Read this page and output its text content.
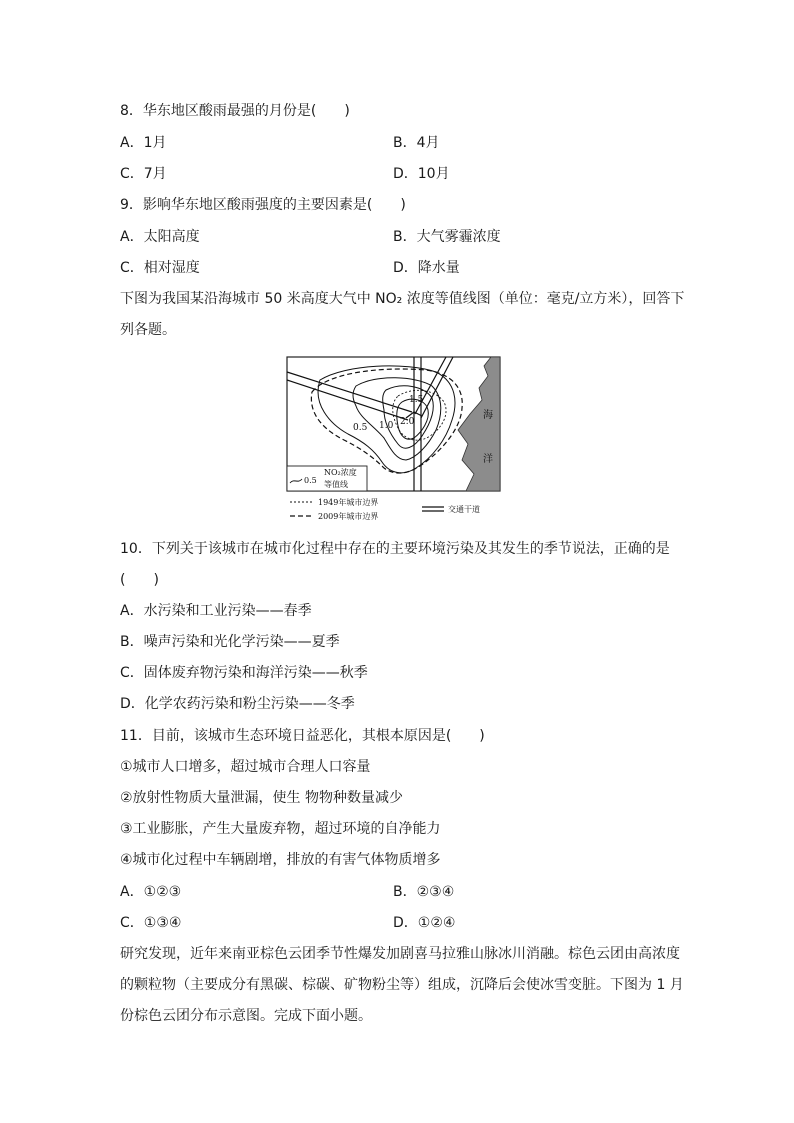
8．华东地区酸雨最强的月份是(　　)
A．1月	B．4月
C．7月	D．10月
9．影响华东地区酸雨强度的主要因素是(　　)
A．太阳高度	B．大气雾霾浓度
C．相对湿度	D．降水量
下图为我国某沿海城市 50 米高度大气中 NO₂ 浓度等值线图（单位：毫克/立方米），回答下
列各题。
海
洋
0.5 1.0
1.5
2.0
0.5
NO₂浓度
等值线
1949年城市边界
2009年城市边界
交通干道
10．下列关于该城市在城市化过程中存在的主要环境污染及其发生的季节说法，正确的是
(　　)
A．水污染和工业污染——春季
B．噪声污染和光化学污染——夏季
C．固体废弃物污染和海洋污染——秋季
D．化学农药污染和粉尘污染——冬季
11．目前，该城市生态环境日益恶化，其根本原因是(　　)
①城市人口增多，超过城市合理人口容量
②放射性物质大量泄漏，使生 物物种数量减少
③工业膨胀，产生大量废弃物，超过环境的自净能力
④城市化过程中车辆剧增，排放的有害气体物质增多
A．①②③	B．②③④
C．①③④	D．①②④
研究发现，近年来南亚棕色云团季节性爆发加剧喜马拉雅山脉冰川消融。棕色云团由高浓度
的颗粒物（主要成分有黑碳、棕碳、矿物粉尘等）组成，沉降后会使冰雪变脏。下图为 1 月
份棕色云团分布示意图。完成下面小题。
